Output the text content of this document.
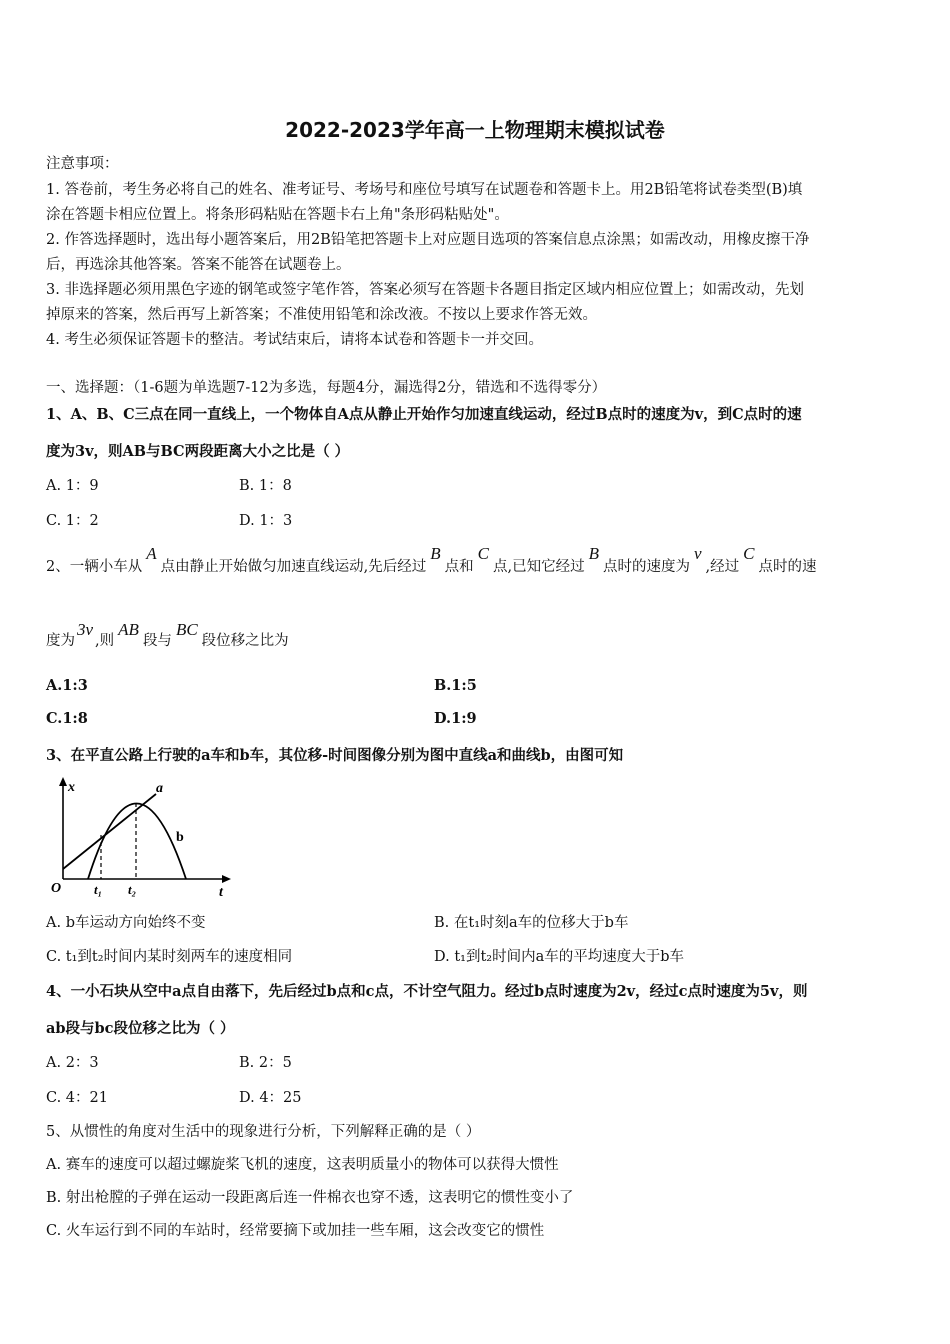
2022-2023学年高一上物理期末模拟试卷
注意事项：
1. 答卷前，考生务必将自己的姓名、准考证号、考场号和座位号填写在试题卷和答题卡上。用2B铅笔将试卷类型(B)填
涂在答题卡相应位置上。将条形码粘贴在答题卡右上角"条形码粘贴处"。
2. 作答选择题时，选出每小题答案后，用2B铅笔把答题卡上对应题目选项的答案信息点涂黑；如需改动，用橡皮擦干净
后，再选涂其他答案。答案不能答在试题卷上。
3. 非选择题必须用黑色字迹的钢笔或签字笔作答，答案必须写在答题卡各题目指定区域内相应位置上；如需改动，先划
掉原来的答案，然后再写上新答案；不准使用铅笔和涂改液。不按以上要求作答无效。
4. 考生必须保证答题卡的整洁。考试结束后，请将本试卷和答题卡一并交回。
一、选择题：（1-6题为单选题7-12为多选，每题4分，漏选得2分，错选和不选得零分）
1、A、B、C三点在同一直线上，一个物体自A点从静止开始作匀加速直线运动，经过B点时的速度为v，到C点时的速
度为3v，则AB与BC两段距离大小之比是（ ）
A. 1：9	B. 1：8
C. 1：2	D. 1：3
2、一辆小车从A点由静止开始做匀加速直线运动,先后经过B点和C点,已知它经过B点时的速度为v,经过C点时的速
度为3v,则AB段与BC段位移之比为
A.1:3	B.1:5
C.1:8	D.1:9
3、在平直公路上行驶的a车和b车，其位移-时间图像分别为图中直线a和曲线b，由图可知
x
t
O	t₁ t₂
a
b
A. b车运动方向始终不变	B. 在t₁时刻a车的位移大于b车
C. t₁到t₂时间内某时刻两车的速度相同	D. t₁到t₂时间内a车的平均速度大于b车
4、一小石块从空中a点自由落下，先后经过b点和c点，不计空气阻力。经过b点时速度为2v，经过c点时速度为5v，则
ab段与bc段位移之比为（ ）
A. 2：3	B. 2：5
C. 4：21	D. 4：25
5、从惯性的角度对生活中的现象进行分析，下列解释正确的是（ ）
A. 赛车的速度可以超过螺旋桨飞机的速度，这表明质量小的物体可以获得大惯性
B. 射出枪膛的子弹在运动一段距离后连一件棉衣也穿不透，这表明它的惯性变小了
C. 火车运行到不同的车站时，经常要摘下或加挂一些车厢，这会改变它的惯性
